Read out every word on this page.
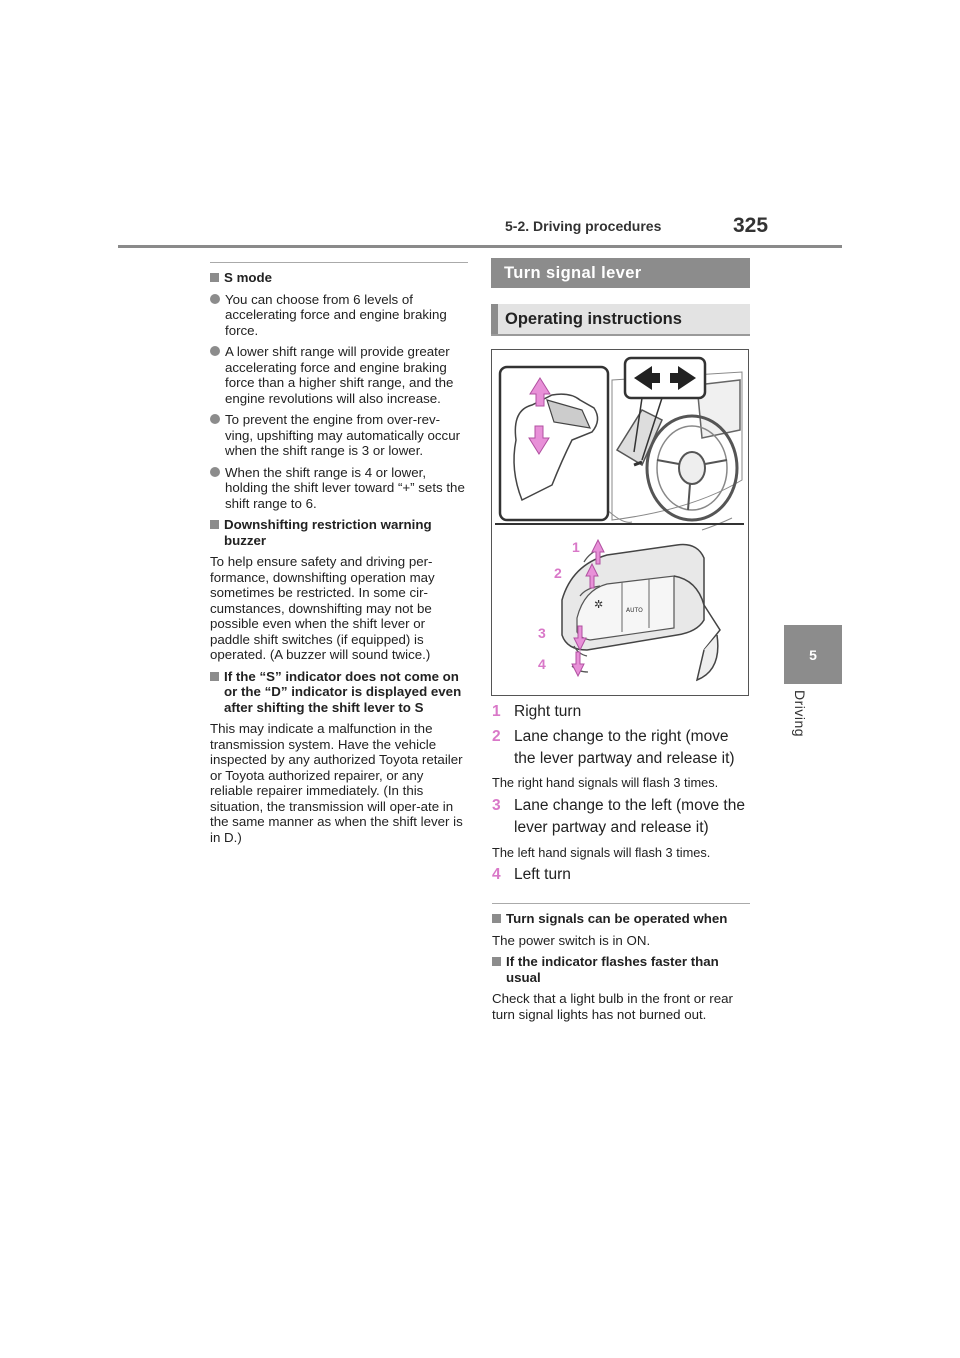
5-2. Driving procedures	325
5
Driving
S mode
You can choose from 6 levels of accelerating force and engine braking force.
A lower shift range will provide greater accelerating force and engine braking force than a higher shift range, and the engine revolutions will also increase.
To prevent the engine from over-rev-ving, upshifting may automatically occur when the shift range is 3 or lower.
When the shift range is 4 or lower, holding the shift lever toward “+” sets the shift range to 6.
Downshifting restriction warning buzzer
To help ensure safety and driving per-formance, downshifting operation may sometimes be restricted. In some cir-cumstances, downshifting may not be possible even when the shift lever or paddle shift switches (if equipped) is operated. (A buzzer will sound twice.)
If the “S” indicator does not come on or the “D” indicator is displayed even after shifting the shift lever to S
This may indicate a malfunction in the transmission system. Have the vehicle inspected by any authorized Toyota retailer or Toyota authorized repairer, or any reliable repairer immediately. (In this situation, the transmission will oper-ate in the same manner as when the shift lever is in D.)
Turn signal lever
Operating instructions
✲	AUTO
1
2
3
4
1 Right turn
2 Lane change to the right (move the lever partway and release it)
The right hand signals will flash 3 times.
3 Lane change to the left (move the lever partway and release it)
The left hand signals will flash 3 times.
4 Left turn
Turn signals can be operated when
The power switch is in ON.
If the indicator flashes faster than usual
Check that a light bulb in the front or rear turn signal lights has not burned out.
